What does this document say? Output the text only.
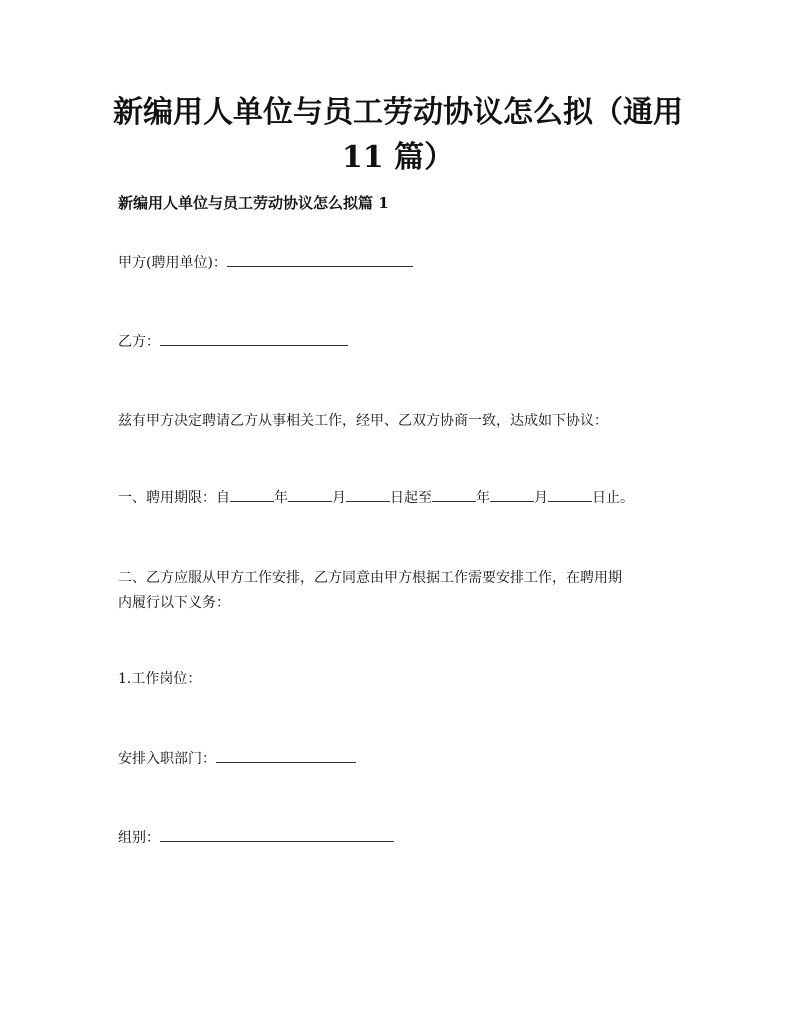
新编用人单位与员工劳动协议怎么拟（通用
11 篇）
新编用人单位与员工劳动协议怎么拟篇 1
甲方(聘用单位)：
乙方：
兹有甲方决定聘请乙方从事相关工作，经甲、乙双方协商一致，达成如下协议：
一、聘用期限：自	年	月	日起至	年	月	日止。
二、乙方应服从甲方工作安排，乙方同意由甲方根据工作需要安排工作，在聘用期
内履行以下义务：
1.工作岗位：
安排入职部门：
组别：
